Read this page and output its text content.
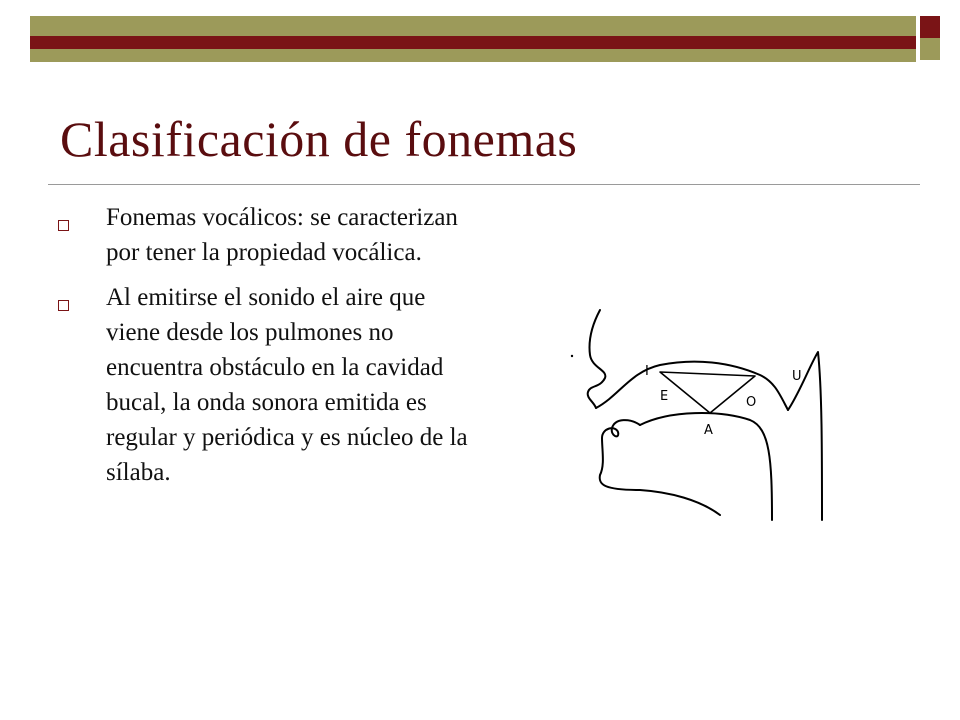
Clasificación de fonemas
Fonemas vocálicos: se caracterizan por tener la propiedad vocálica.
Al emitirse el sonido el aire que viene desde los pulmones no encuentra obstáculo en la cavidad bucal, la onda sonora emitida es regular y periódica y es núcleo de la sílaba.
I	U
E	O
A
